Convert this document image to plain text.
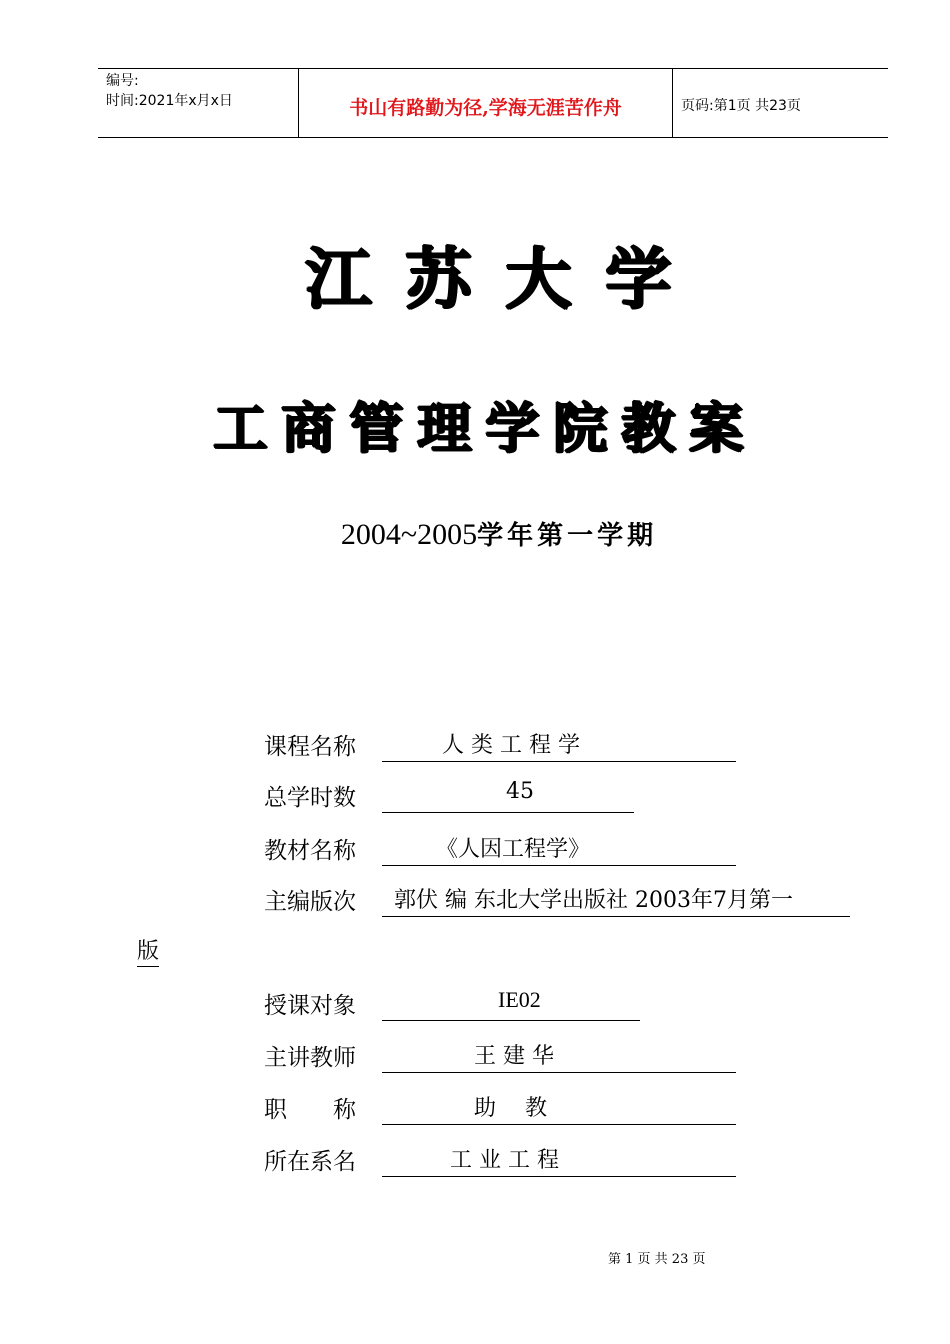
编号:
时间:2021年x月x日	书山有路勤为径,学海无涯苦作舟	页码:第1页 共23页
江苏大学
工商管理学院教案
2004~2005学年第一学期
课程名称

	人 类 工 程 学

总学时数

	45

教材名称

	《人因工程学》

主编版次

郭伏 编 东北大学出版社 2003年7月第一

版
授课对象

	IE02

主讲教师

	王 建 华

职　　称

	助　 教

所在系名

	工 业 工 程

第 1 页 共 23 页
